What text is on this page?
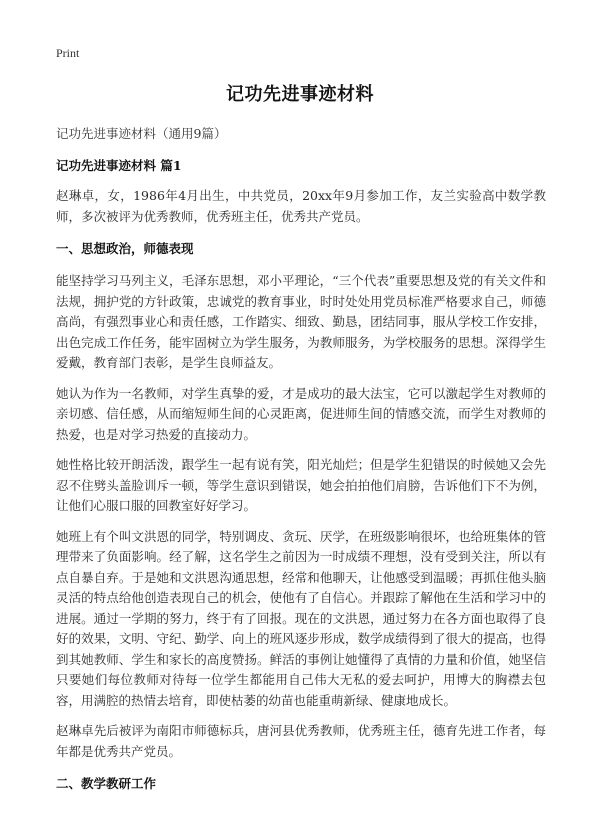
Print
记功先进事迹材料

记功先进事迹材料（通用9篇）

记功先进事迹材料 篇1

赵琳卓，女，1986年4月出生，中共党员，20xx年9月参加工作，友兰实验高中数学教师，多次被评为优秀教师，优秀班主任，优秀共产党员。

一、思想政治，师德表现

能坚持学习马列主义，毛泽东思想，邓小平理论，“三个代表”重要思想及党的有关文件和法规，拥护党的方针政策，忠诚党的教育事业，时时处处用党员标准严格要求自己，师德高尚，有强烈事业心和责任感，工作踏实、细致、勤恳，团结同事，服从学校工作安排，出色完成工作任务，能牢固树立为学生服务，为教师服务，为学校服务的思想。深得学生爱戴，教育部门表彰，是学生良师益友。

她认为作为一名教师，对学生真挚的爱，才是成功的最大法宝，它可以激起学生对教师的亲切感、信任感，从而缩短师生间的心灵距离，促进师生间的情感交流，而学生对教师的热爱，也是对学习热爱的直接动力。

她性格比较开朗活泼，跟学生一起有说有笑，阳光灿烂；但是学生犯错误的时候她又会先忍不住劈头盖脸训斥一顿，等学生意识到错误，她会拍拍他们肩膀，告诉他们下不为例，让他们心服口服的回教室好好学习。

她班上有个叫文洪恩的同学，特别调皮、贪玩、厌学，在班级影响很坏，也给班集体的管理带来了负面影响。经了解，这名学生之前因为一时成绩不理想，没有受到关注，所以有点自暴自弃。于是她和文洪恩沟通思想，经常和他聊天，让他感受到温暖；再抓住他头脑灵活的特点给他创造表现自己的机会，使他有了自信心。并跟踪了解他在生活和学习中的进展。通过一学期的努力，终于有了回报。现在的文洪恩，通过努力在各方面也取得了良好的效果，文明、守纪、勤学、向上的班风逐步形成，数学成绩得到了很大的提高，也得到其她教师、学生和家长的高度赞扬。鲜活的事例让她懂得了真情的力量和价值，她坚信只要她们每位教师对待每一位学生都能用自己伟大无私的爱去呵护，用博大的胸襟去包容，用满腔的热情去培育，即使枯萎的幼苗也能重萌新绿、健康地成长。

赵琳卓先后被评为南阳市师德标兵，唐河县优秀教师，优秀班主任，德育先进工作者，每年都是优秀共产党员。

二、教学教研工作
